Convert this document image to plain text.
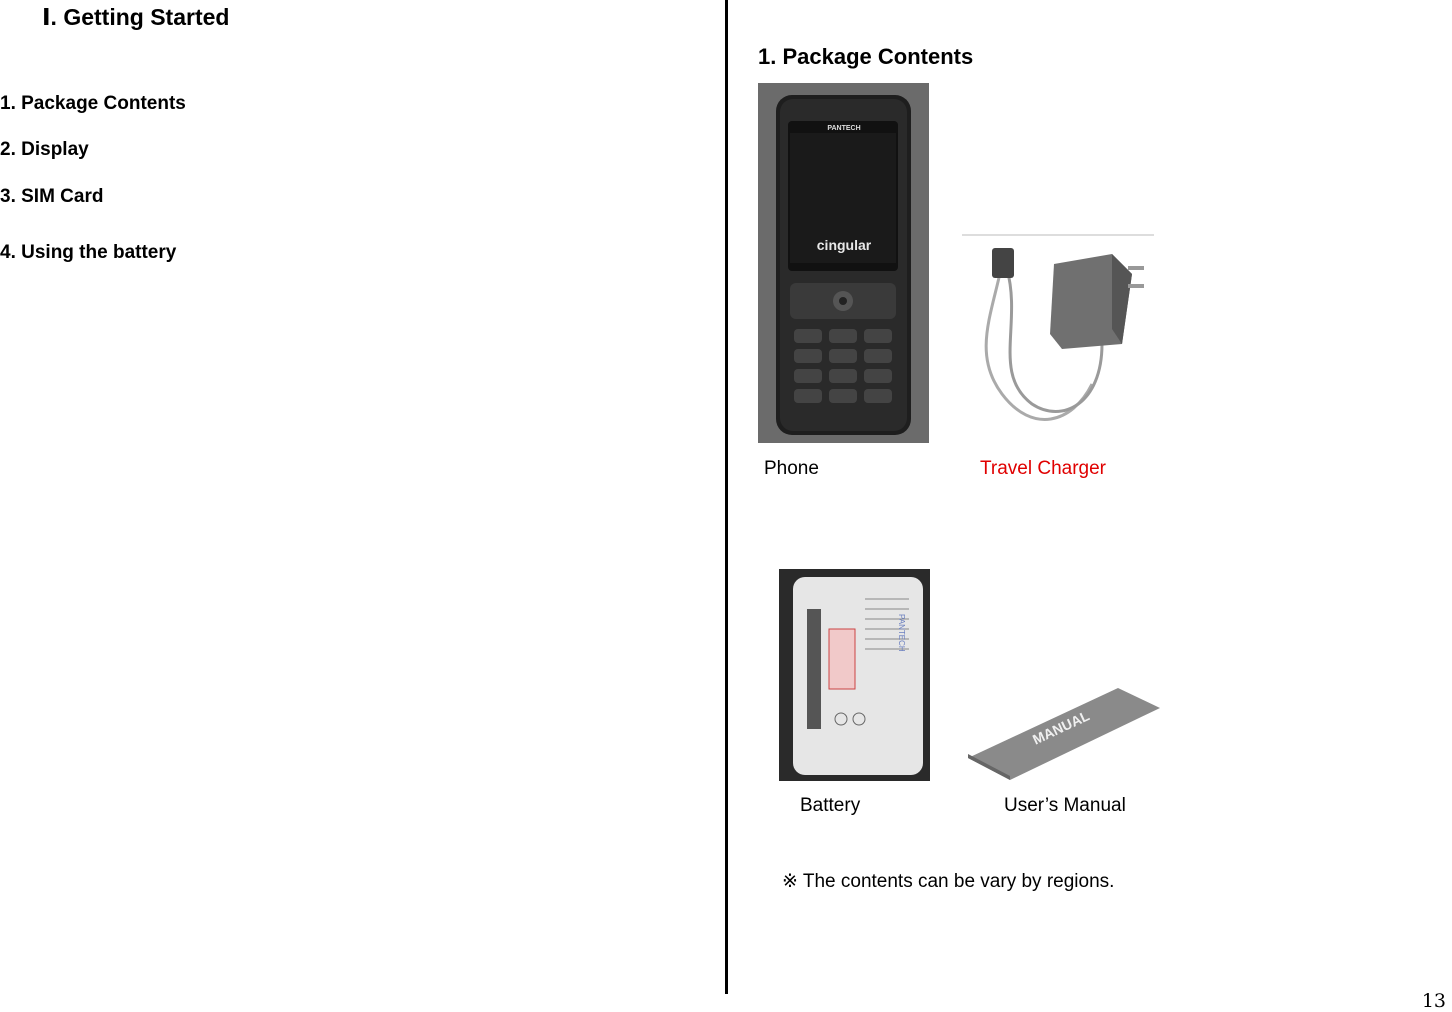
Ⅰ. Getting Started
1. Package Contents
2. Display
3. SIM Card
4. Using the battery
1. Package Contents
PANTECH
cingular
Phone	Travel Charger
PANTECH
MANUAL
Battery	User’s Manual
※ The contents can be vary by regions.
13
